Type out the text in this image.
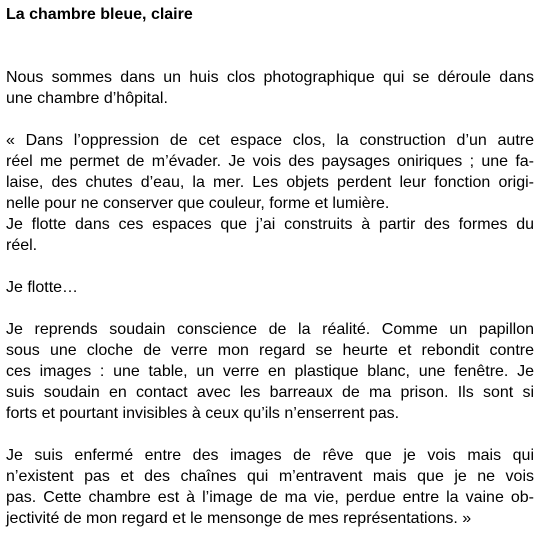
La chambre bleue, claire

Nous sommes dans un huis clos photographique qui se déroule dans
une chambre d’hôpital.

« Dans l’oppression de cet espace clos, la construction d’un autre
réel me permet de m’évader. Je vois des paysages oniriques ; une fa-
laise, des chutes d’eau, la mer. Les objets perdent leur fonction origi-
nelle pour ne conserver que couleur, forme et lumière.
Je flotte dans ces espaces que j’ai construits à partir des formes du
réel.

Je flotte…

Je reprends soudain conscience de la réalité. Comme un papillon
sous une cloche de verre mon regard se heurte et rebondit contre
ces images : une table, un verre en plastique blanc, une fenêtre. Je
suis soudain en contact avec les barreaux de ma prison. Ils sont si
forts et pourtant invisibles à ceux qu’ils n’enserrent pas.

Je suis enfermé entre des images de rêve que je vois mais qui
n’existent pas et des chaînes qui m’entravent mais que je ne vois
pas. Cette chambre est à l’image de ma vie, perdue entre la vaine ob-
jectivité de mon regard et le mensonge de mes représentations. »
